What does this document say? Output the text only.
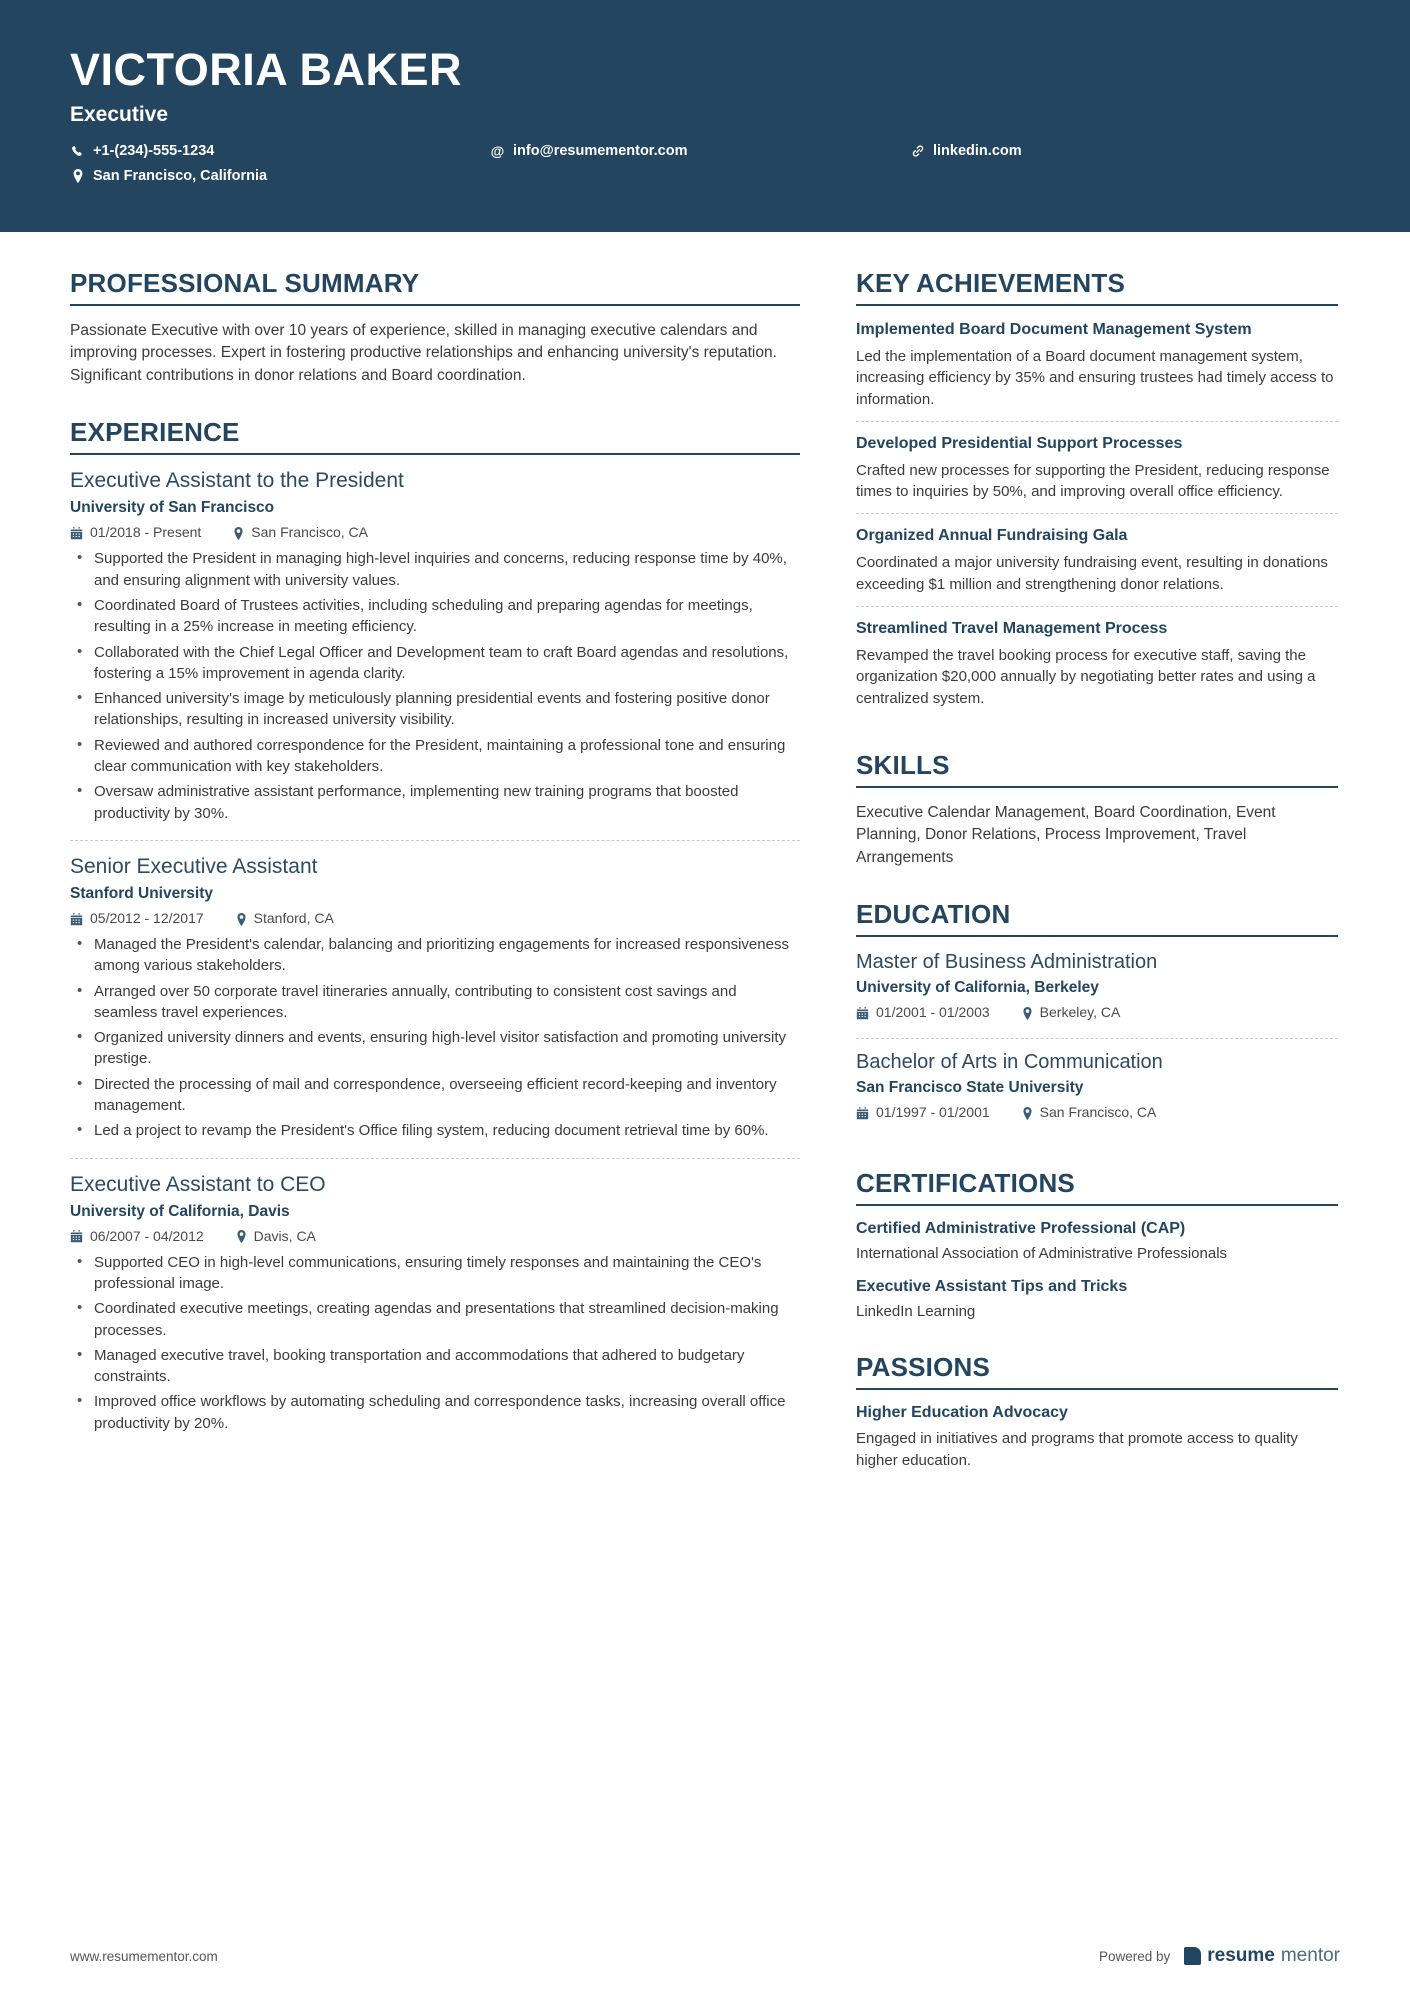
VICTORIA BAKER
Executive
+1-(234)-555-1234
San Francisco, California
@ info@resumementor.com	linkedin.com
PROFESSIONAL SUMMARY
Passionate Executive with over 10 years of experience, skilled in managing executive calendars and improving processes. Expert in fostering productive relationships and enhancing university's reputation. Significant contributions in donor relations and Board coordination.
EXPERIENCE
Executive Assistant to the President
University of San Francisco
01/2018 - Present	San Francisco, CA
• Supported the President in managing high-level inquiries and concerns, reducing response time by 40%, and ensuring alignment with university values.
• Coordinated Board of Trustees activities, including scheduling and preparing agendas for meetings, resulting in a 25% increase in meeting efficiency.
• Collaborated with the Chief Legal Officer and Development team to craft Board agendas and resolutions, fostering a 15% improvement in agenda clarity.
• Enhanced university's image by meticulously planning presidential events and fostering positive donor relationships, resulting in increased university visibility.
• Reviewed and authored correspondence for the President, maintaining a professional tone and ensuring clear communication with key stakeholders.
• Oversaw administrative assistant performance, implementing new training programs that boosted productivity by 30%.
Senior Executive Assistant
Stanford University
05/2012 - 12/2017	Stanford, CA
• Managed the President's calendar, balancing and prioritizing engagements for increased responsiveness among various stakeholders.
• Arranged over 50 corporate travel itineraries annually, contributing to consistent cost savings and seamless travel experiences.
• Organized university dinners and events, ensuring high-level visitor satisfaction and promoting university prestige.
• Directed the processing of mail and correspondence, overseeing efficient record-keeping and inventory management.
• Led a project to revamp the President's Office filing system, reducing document retrieval time by 60%.
Executive Assistant to CEO
University of California, Davis
06/2007 - 04/2012	Davis, CA
• Supported CEO in high-level communications, ensuring timely responses and maintaining the CEO's professional image.
• Coordinated executive meetings, creating agendas and presentations that streamlined decision-making processes.
• Managed executive travel, booking transportation and accommodations that adhered to budgetary constraints.
• Improved office workflows by automating scheduling and correspondence tasks, increasing overall office productivity by 20%.
KEY ACHIEVEMENTS
Implemented Board Document Management System
Led the implementation of a Board document management system, increasing efficiency by 35% and ensuring trustees had timely access to information.
Developed Presidential Support Processes
Crafted new processes for supporting the President, reducing response times to inquiries by 50%, and improving overall office efficiency.
Organized Annual Fundraising Gala
Coordinated a major university fundraising event, resulting in donations exceeding $1 million and strengthening donor relations.
Streamlined Travel Management Process
Revamped the travel booking process for executive staff, saving the organization $20,000 annually by negotiating better rates and using a centralized system.
SKILLS
Executive Calendar Management, Board Coordination, Event Planning, Donor Relations, Process Improvement, Travel Arrangements
EDUCATION
Master of Business Administration
University of California, Berkeley
01/2001 - 01/2003	Berkeley, CA
Bachelor of Arts in Communication
San Francisco State University
01/1997 - 01/2001	San Francisco, CA
CERTIFICATIONS
Certified Administrative Professional (CAP)
International Association of Administrative Professionals
Executive Assistant Tips and Tricks
LinkedIn Learning
PASSIONS
Higher Education Advocacy
Engaged in initiatives and programs that promote access to quality higher education.
www.resumementor.com	Powered by resume mentor
